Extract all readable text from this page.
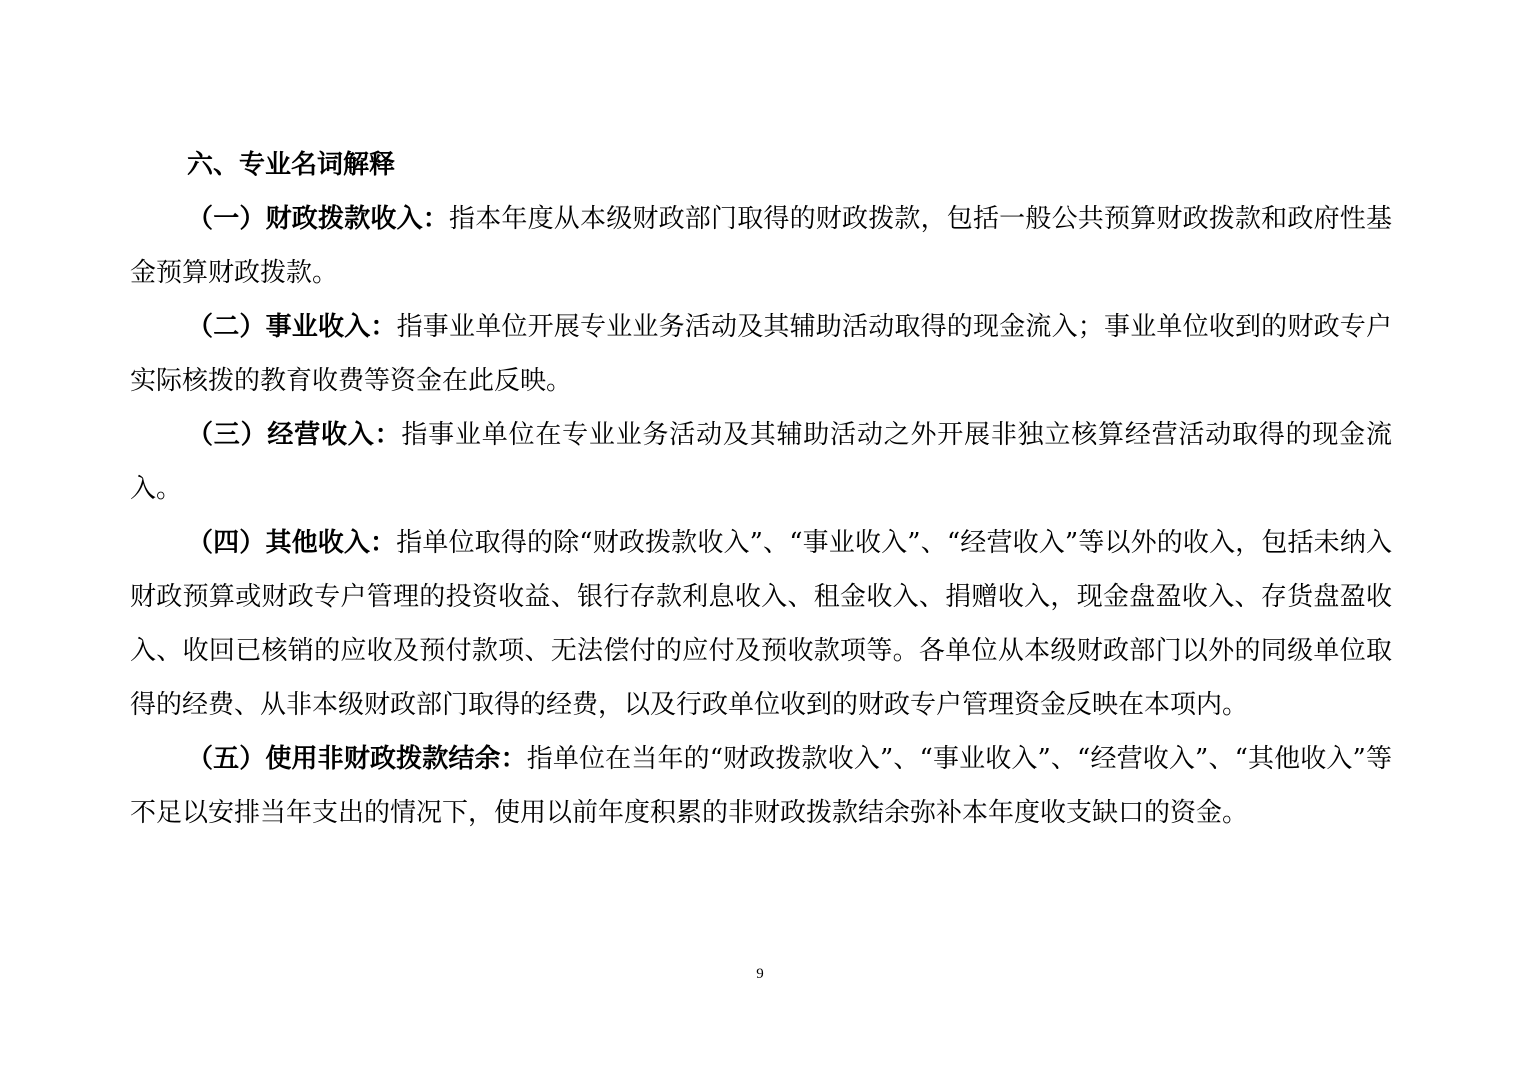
六、专业名词解释

（一）财政拨款收入：指本年度从本级财政部门取得的财政拨款，包括一般公共预算财政拨款和政府性基金预算财政拨款。

（二）事业收入：指事业单位开展专业业务活动及其辅助活动取得的现金流入；事业单位收到的财政专户实际核拨的教育收费等资金在此反映。

（三）经营收入：指事业单位在专业业务活动及其辅助活动之外开展非独立核算经营活动取得的现金流入。

（四）其他收入：指单位取得的除“财政拨款收入”、“事业收入”、“经营收入”等以外的收入，包括未纳入财政预算或财政专户管理的投资收益、银行存款利息收入、租金收入、捐赠收入，现金盘盈收入、存货盘盈收入、收回已核销的应收及预付款项、无法偿付的应付及预收款项等。各单位从本级财政部门以外的同级单位取得的经费、从非本级财政部门取得的经费，以及行政单位收到的财政专户管理资金反映在本项内。

（五）使用非财政拨款结余：指单位在当年的“财政拨款收入”、“事业收入”、“经营收入”、“其他收入”等不足以安排当年支出的情况下，使用以前年度积累的非财政拨款结余弥补本年度收支缺口的资金。

9
